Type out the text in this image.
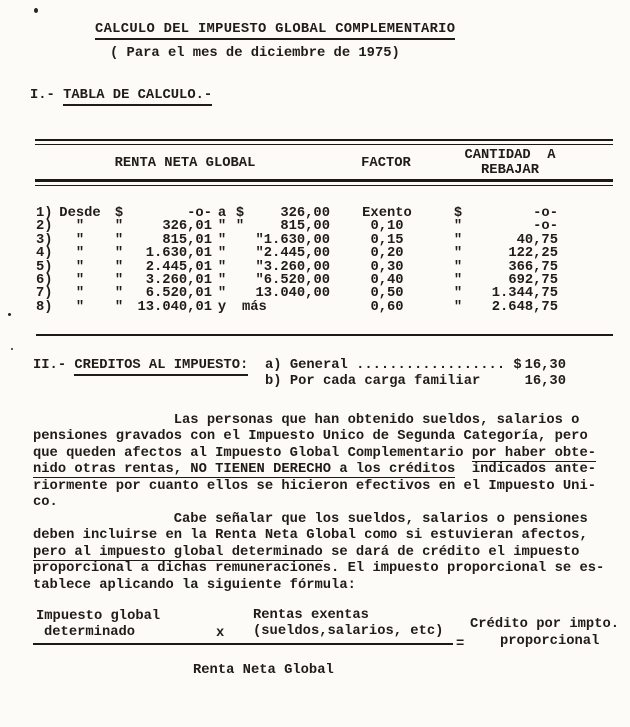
CALCULO DEL IMPUESTO GLOBAL COMPLEMENTARIO
( Para el mes de diciembre de 1975)
I.- TABLA DE CALCULO.-
RENTA NETA GLOBAL	FACTOR
CANTIDAD  A
REBAJAR
1) Desde	$	-o- a $	326,00	Exento	$	-o-
2)	"	"	326,01 " "	815,00	0,10	"	-o-
3)	"	"	815,01 "	"1.630,00	0,15	"	40,75
4)	"	"	1.630,01 "	"2.445,00	0,20	"	122,25
5)	"	"	2.445,01 "	"3.260,00	0,30	"	366,75
6)	"	"	3.260,01 "	"6.520,00	0,40	"	692,75
7)	"	"	6.520,01 "	13.040,00	0,50	"	1.344,75
8)	"	"	13.040,01 y	más	0,60	"	2.648,75
II.- CREDITOS AL IMPUESTO: a) General .................. $ 16,30
b) Por cada carga familiar	16,30
Las personas que han obtenido sueldos, salarios o
pensiones gravados con el Impuesto Unico de Segunda Categoría, pero
que queden afectos al Impuesto Global Complementario por haber obte-
nido otras rentas, NO TIENEN DERECHO a los créditos  indicados ante-
riormente por cuanto ellos se hicieron efectivos en el Impuesto Uni-
co.
Cabe señalar que los sueldos, salarios o pensiones
deben incluirse en la Renta Neta Global como si estuvieran afectos,
pero al impuesto global determinado se dará de crédito el impuesto
proporcional a dichas remuneraciones. El impuesto proporcional se es-
tablece aplicando la siguiente fórmula:
Impuesto global
determinado	x
Rentas exentas
(sueldos,salarios, etc)
=
Crédito por impto.
proporcional
Renta Neta Global
